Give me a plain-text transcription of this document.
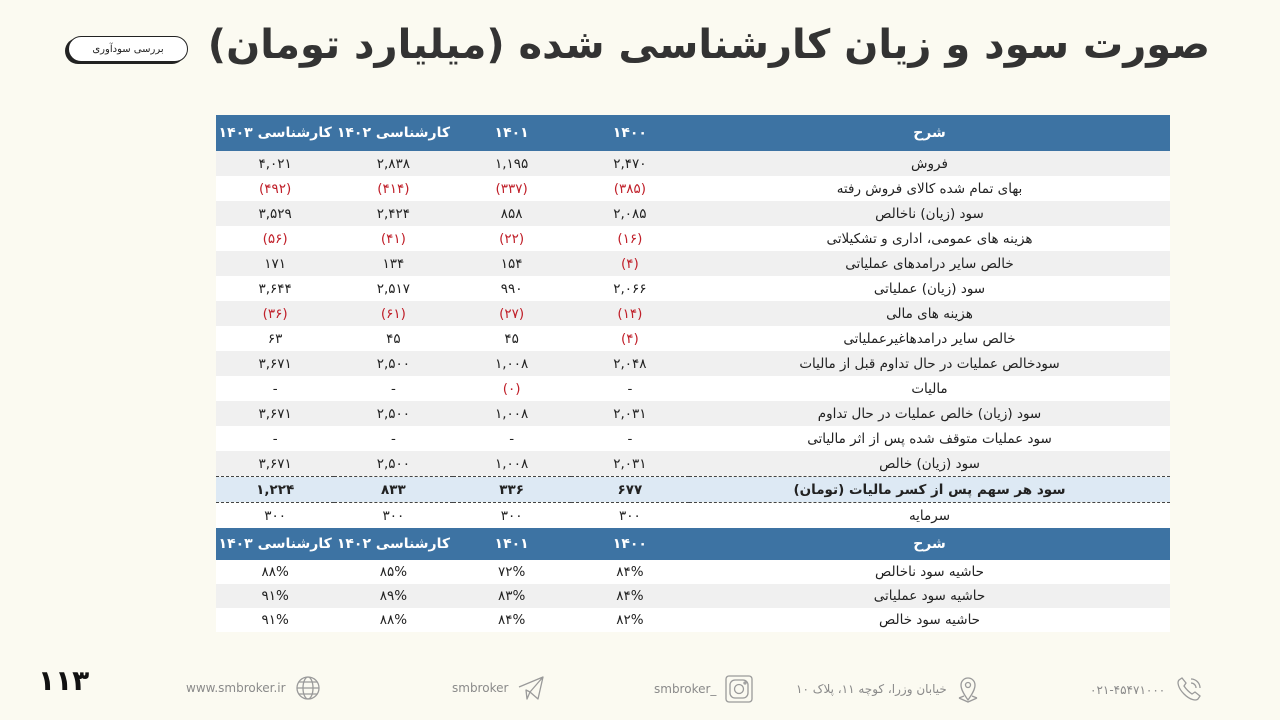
صورت سود و زیان کارشناسی شده (میلیارد تومان)
بررسی سودآوری
شرح	۱۴۰۰	۱۴۰۱	کارشناسی ۱۴۰۲	کارشناسی ۱۴۰۳
فروش	۲,۴۷۰	۱,۱۹۵	۲,۸۳۸	۴,۰۲۱
بهای تمام شده کالای فروش رفته	(۳۸۵)	(۳۳۷)	(۴۱۴)	(۴۹۲)
سود (زیان) ناخالص	۲,۰۸۵	۸۵۸	۲,۴۲۴	۳,۵۲۹
هزینه های عمومی، اداری و تشکیلاتی	(۱۶)	(۲۲)	(۴۱)	(۵۶)
خالص سایر درامدهای عملیاتی	(۴)	۱۵۴	۱۳۴	۱۷۱
سود (زیان) عملیاتی	۲,۰۶۶	۹۹۰	۲,۵۱۷	۳,۶۴۴
هزینه های مالی	(۱۴)	(۲۷)	(۶۱)	(۳۶)
خالص سایر درامدهاغیرعملیاتی	(۴)	۴۵	۴۵	۶۳
سودخالص عملیات در حال تداوم قبل از مالیات	۲,۰۴۸	۱,۰۰۸	۲,۵۰۰	۳,۶۷۱
مالیات	-	(۰)	-	-
سود (زیان) خالص عملیات در حال تداوم	۲,۰۳۱	۱,۰۰۸	۲,۵۰۰	۳,۶۷۱
سود عملیات متوقف شده پس از اثر مالیاتی	-	-	-	-
سود (زیان) خالص	۲,۰۳۱	۱,۰۰۸	۲,۵۰۰	۳,۶۷۱
سود هر سهم پس از کسر مالیات (تومان)	۶۷۷	۳۳۶	۸۳۳	۱,۲۲۴
سرمایه	۳۰۰	۳۰۰	۳۰۰	۳۰۰
شرح	۱۴۰۰	۱۴۰۱	کارشناسی ۱۴۰۲	کارشناسی ۱۴۰۳
حاشیه سود ناخالص	۸۴%	۷۲%	۸۵%	۸۸%
حاشیه سود عملیاتی	۸۴%	۸۳%	۸۹%	۹۱%
حاشیه سود خالص	۸۲%	۸۴%	۸۸%	۹۱%
۱۱۳	www.smbroker.ir	smbroker	smbroker_	خیابان وزرا، کوچه ۱۱، پلاک ۱۰	۰۲۱-۴۵۴۷۱۰۰۰
